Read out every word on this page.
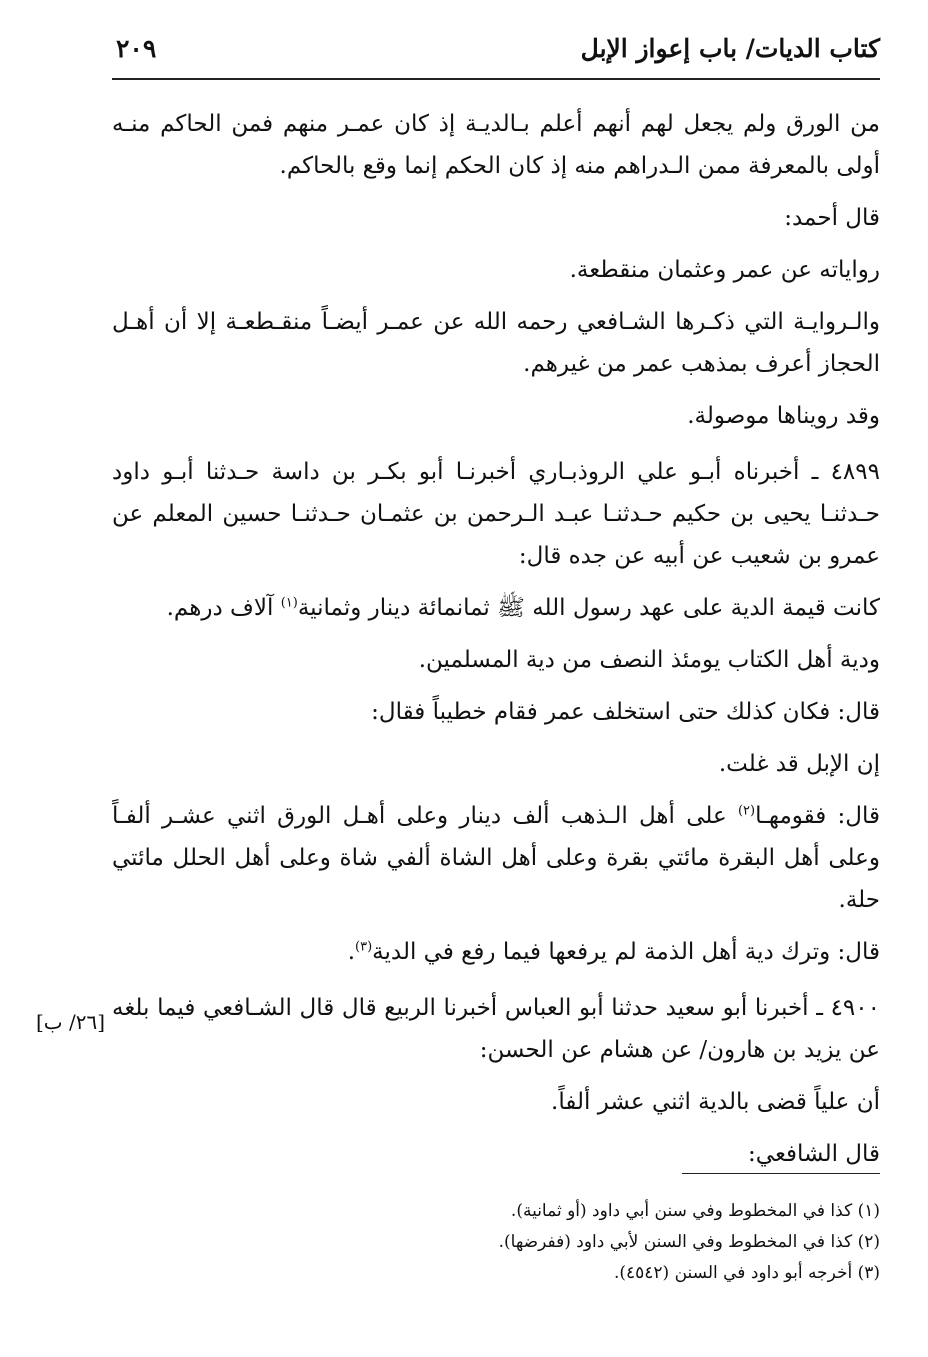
كتاب الديات/ باب إعواز الإبل
٢٠٩

من الورق ولم يجعل لهم أنهم أعلم بـالديـة إذ كان عمـر منهم فمن الحاكم منـه أولى بالمعرفة ممن الـدراهم منه إذ كان الحكم إنما وقع بالحاكم.

قال أحمد:

رواياته عن عمر وعثمان منقطعة.

والـروايـة التي ذكـرها الشـافعي رحمه الله عن عمـر أيضـاً منقـطعـة إلا أن أهـل الحجاز أعرف بمذهب عمر من غيرهم.

وقد رويناها موصولة.

٤٨٩٩ ـ أخبرناه أبـو علي الروذبـاري أخبرنـا أبو بكـر بن داسة حـدثنا أبـو داود حـدثنـا يحيى بن حكيم حـدثنـا عبـد الـرحمن بن عثمـان حـدثنـا حسين المعلم عن عمرو بن شعيب عن أبيه عن جده قال:

كانت قيمة الدية على عهد رسول الله ﷺ ثمانمائة دينار وثمانية$^{(١)}$ آلاف درهم.

ودية أهل الكتاب يومئذ النصف من دية المسلمين.

قال: فكان كذلك حتى استخلف عمر فقام خطيباً فقال:

إن الإبل قد غلت.

قال: فقومهـا$^{(٢)}$ على أهل الـذهب ألف دينار وعلى أهـل الورق اثني عشـر ألفـاً وعلى أهل البقرة مائتي بقرة وعلى أهل الشاة ألفي شاة وعلى أهل الحلل مائتي حلة.

قال: وترك دية أهل الذمة لم يرفعها فيما رفع في الدية$^{(٣)}$.

٤٩٠٠ ـ أخبرنا أبو سعيد حدثنا أبو العباس أخبرنا الربيع قال قال الشـافعي فيما بلغه عن يزيد بن هارون/ عن هشام عن الحسن:

أن علياً قضى بالدية اثني عشر ألفاً.

قال الشافعي:

[٢٦/ ب]
(١) كذا في المخطوط وفي سنن أبي داود (أو ثمانية).
(٢) كذا في المخطوط وفي السنن لأبي داود (ففرضها).
(٣) أخرجه أبو داود في السنن (٤٥٤٢).
